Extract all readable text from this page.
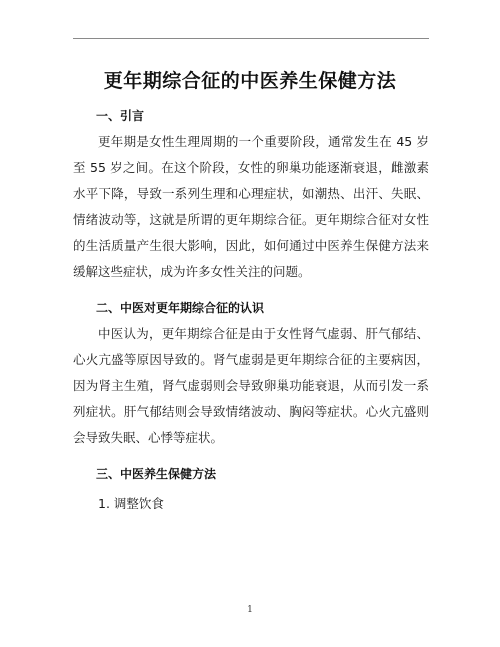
更年期综合征的中医养生保健方法
一、引言

更年期是女性生理周期的一个重要阶段，通常发生在 45 岁至 55 岁之间。在这个阶段，女性的卵巢功能逐渐衰退，雌激素水平下降，导致一系列生理和心理症状，如潮热、出汗、失眠、情绪波动等，这就是所谓的更年期综合征。更年期综合征对女性的生活质量产生很大影响，因此，如何通过中医养生保健方法来缓解这些症状，成为许多女性关注的问题。

二、中医对更年期综合征的认识

中医认为，更年期综合征是由于女性肾气虚弱、肝气郁结、心火亢盛等原因导致的。肾气虚弱是更年期综合征的主要病因，因为肾主生殖，肾气虚弱则会导致卵巢功能衰退，从而引发一系列症状。肝气郁结则会导致情绪波动、胸闷等症状。心火亢盛则会导致失眠、心悸等症状。

三、中医养生保健方法
1. 调整饮食
1
